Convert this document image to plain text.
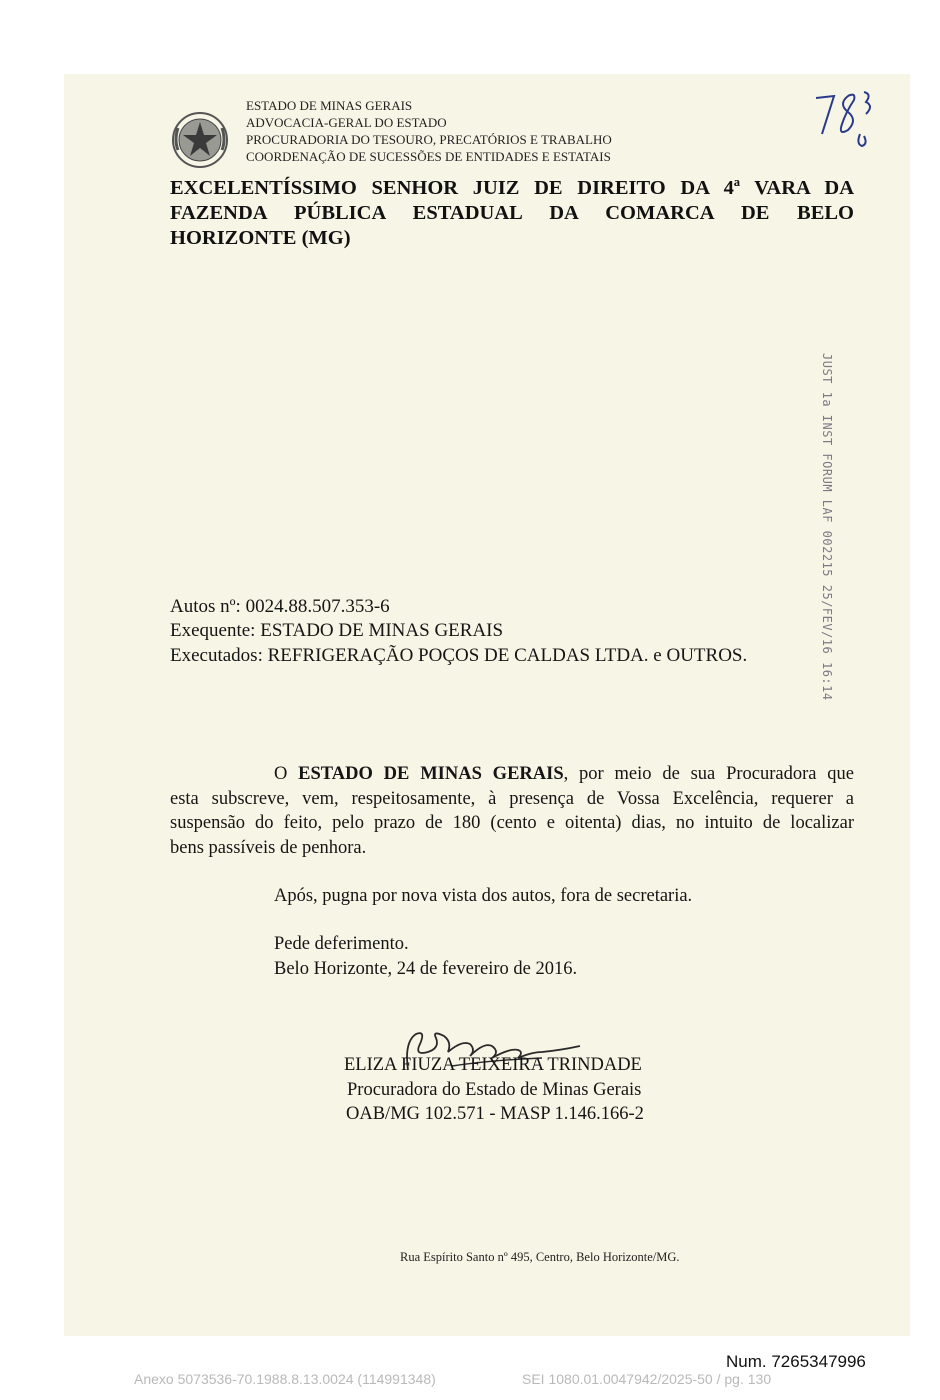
ESTADO DE MINAS GERAIS
ADVOCACIA-GERAL DO ESTADO
PROCURADORIA DO TESOURO, PRECATÓRIOS E TRABALHO
COORDENAÇÃO DE SUCESSÕES DE ENTIDADES E ESTATAIS
78
EXCELENTÍSSIMO SENHOR JUIZ DE DIREITO DA 4ª VARA DA
FAZENDA PÚBLICA ESTADUAL DA COMARCA DE BELO
HORIZONTE (MG)
JUST 1a INST FORUM LAF 002215 25/FEV/16 16:14
Autos nº: 0024.88.507.353-6
Exequente: ESTADO DE MINAS GERAIS
Executados: REFRIGERAÇÃO POÇOS DE CALDAS LTDA. e OUTROS.
O ESTADO DE MINAS GERAIS, por meio de sua Procuradora que
esta subscreve, vem, respeitosamente, à presença de Vossa Excelência, requerer a
suspensão do feito, pelo prazo de 180 (cento e oitenta) dias, no intuito de localizar
bens passíveis de penhora.
Após, pugna por nova vista dos autos, fora de secretaria.
Pede deferimento.
Belo Horizonte, 24 de fevereiro de 2016.
ELIZA FIUZA TEIXEIRA TRINDADE
Procuradora do Estado de Minas Gerais
OAB/MG 102.571 - MASP 1.146.166-2
Rua Espírito Santo nº 495, Centro, Belo Horizonte/MG.
Num. 7265347996
Anexo 5073536-70.1988.8.13.0024 (114991348)	SEI 1080.01.0047942/2025-50 / pg. 130
